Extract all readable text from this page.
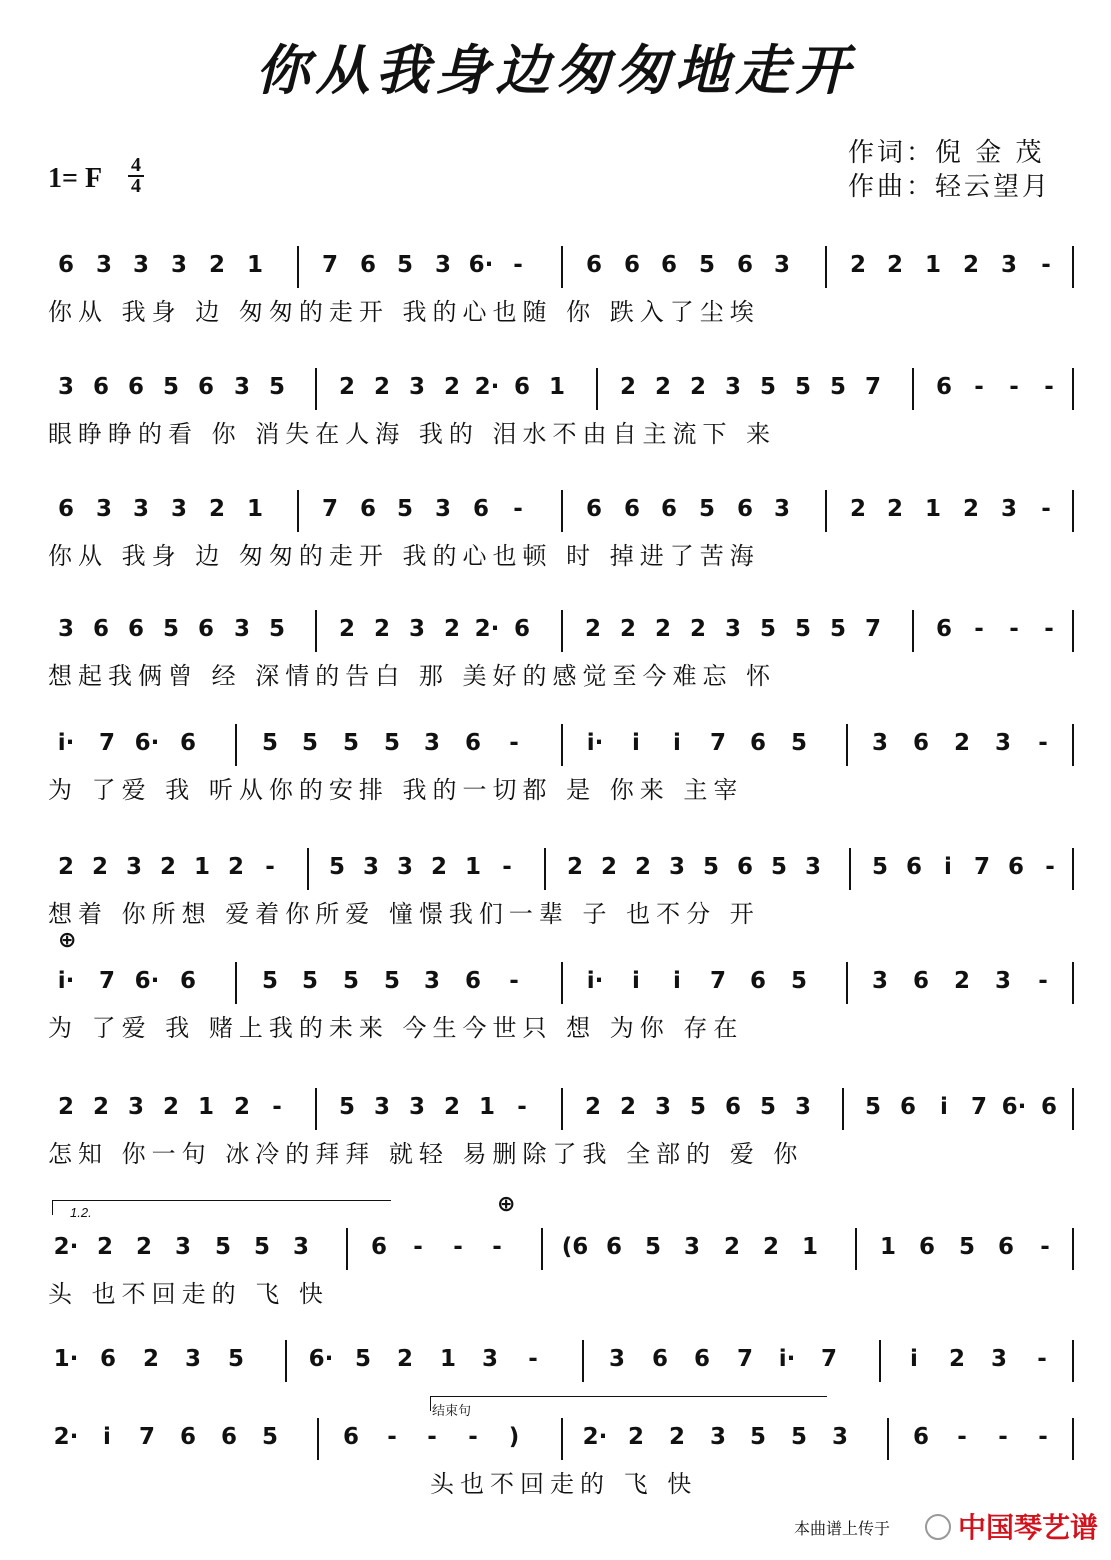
你从我身边匆匆地走开
作词：倪 金 茂
作曲：轻云望月
1= F 4
4
6 3 3 3 2 1	7 6 5 3 6· -	6 6 6 5 6 3	2 2 1 2 3	-
你从 我身 边 匆匆的走开 我的心也随 你 跌入了尘埃
3 6 6 5 6 3 5 2 2 3 2 2· 6 1 2 2 2 3 5 5 5 7 6 -	-	-
眼睁睁的看 你 消失在人海 我的 泪水不由自主流下 来
6 3 3 3 2 1	7 6 5 3 6	-	6 6 6 5 6 3	2 2 1 2 3	-
你从 我身 边 匆匆的走开 我的心也顿 时 掉进了苦海
3 6 6 5 6 3 5 2 2 3 2 2· 6 2 2 2 2 3 5 5 5 7 6 -	-	-
想起我俩曾 经 深情的告白 那 美好的感觉至今难忘 怀
i· 7 6· 6	5 5 5 5 3 6	-	i·	i	i	7 6 5	3 6 2 3	-
为 了爱 我 听从你的安排 我的一切都 是 你来 主宰
2 2 3 2 1 2 -	5 3 3 2 1 -	2 2 2 3 5 6 5 3 5 6 i 7 6 -
想着 你所想 爱着你所爱 憧憬我们一辈 子 也不分 开
i· 7 6· 6	5 5 5 5 3 6	-	i·	i	i	7 6 5	3 6 2 3	-
为 了爱 我 赌上我的未来 今生今世只 想 为你 存在
2 2 3 2 1 2 -	5 3 3 2 1 -	2 2 3 5 6 5 3 5 6	i	7 6· 6
怎知 你一句 冰冷的拜拜 就轻 易删除了我 全部的 爱 你
2· 2 2 3 5 5 3	6	-	-	-	(6 6 5 3 2 2 1	1 6 5 6	-
头 也不回走的 飞 快
1· 6 2 3 5	6· 5 2 1 3	-	3 6 6 7 i· 7	i	2 3	-
2·	i	7 6 6 5	6	-	-	-	)	2· 2 2 3 5 5 3	6	-	-	-
头也不回走的 飞 快
⊕
⊕
1.2.
结束句
本曲谱上传于 中国琴艺谱
